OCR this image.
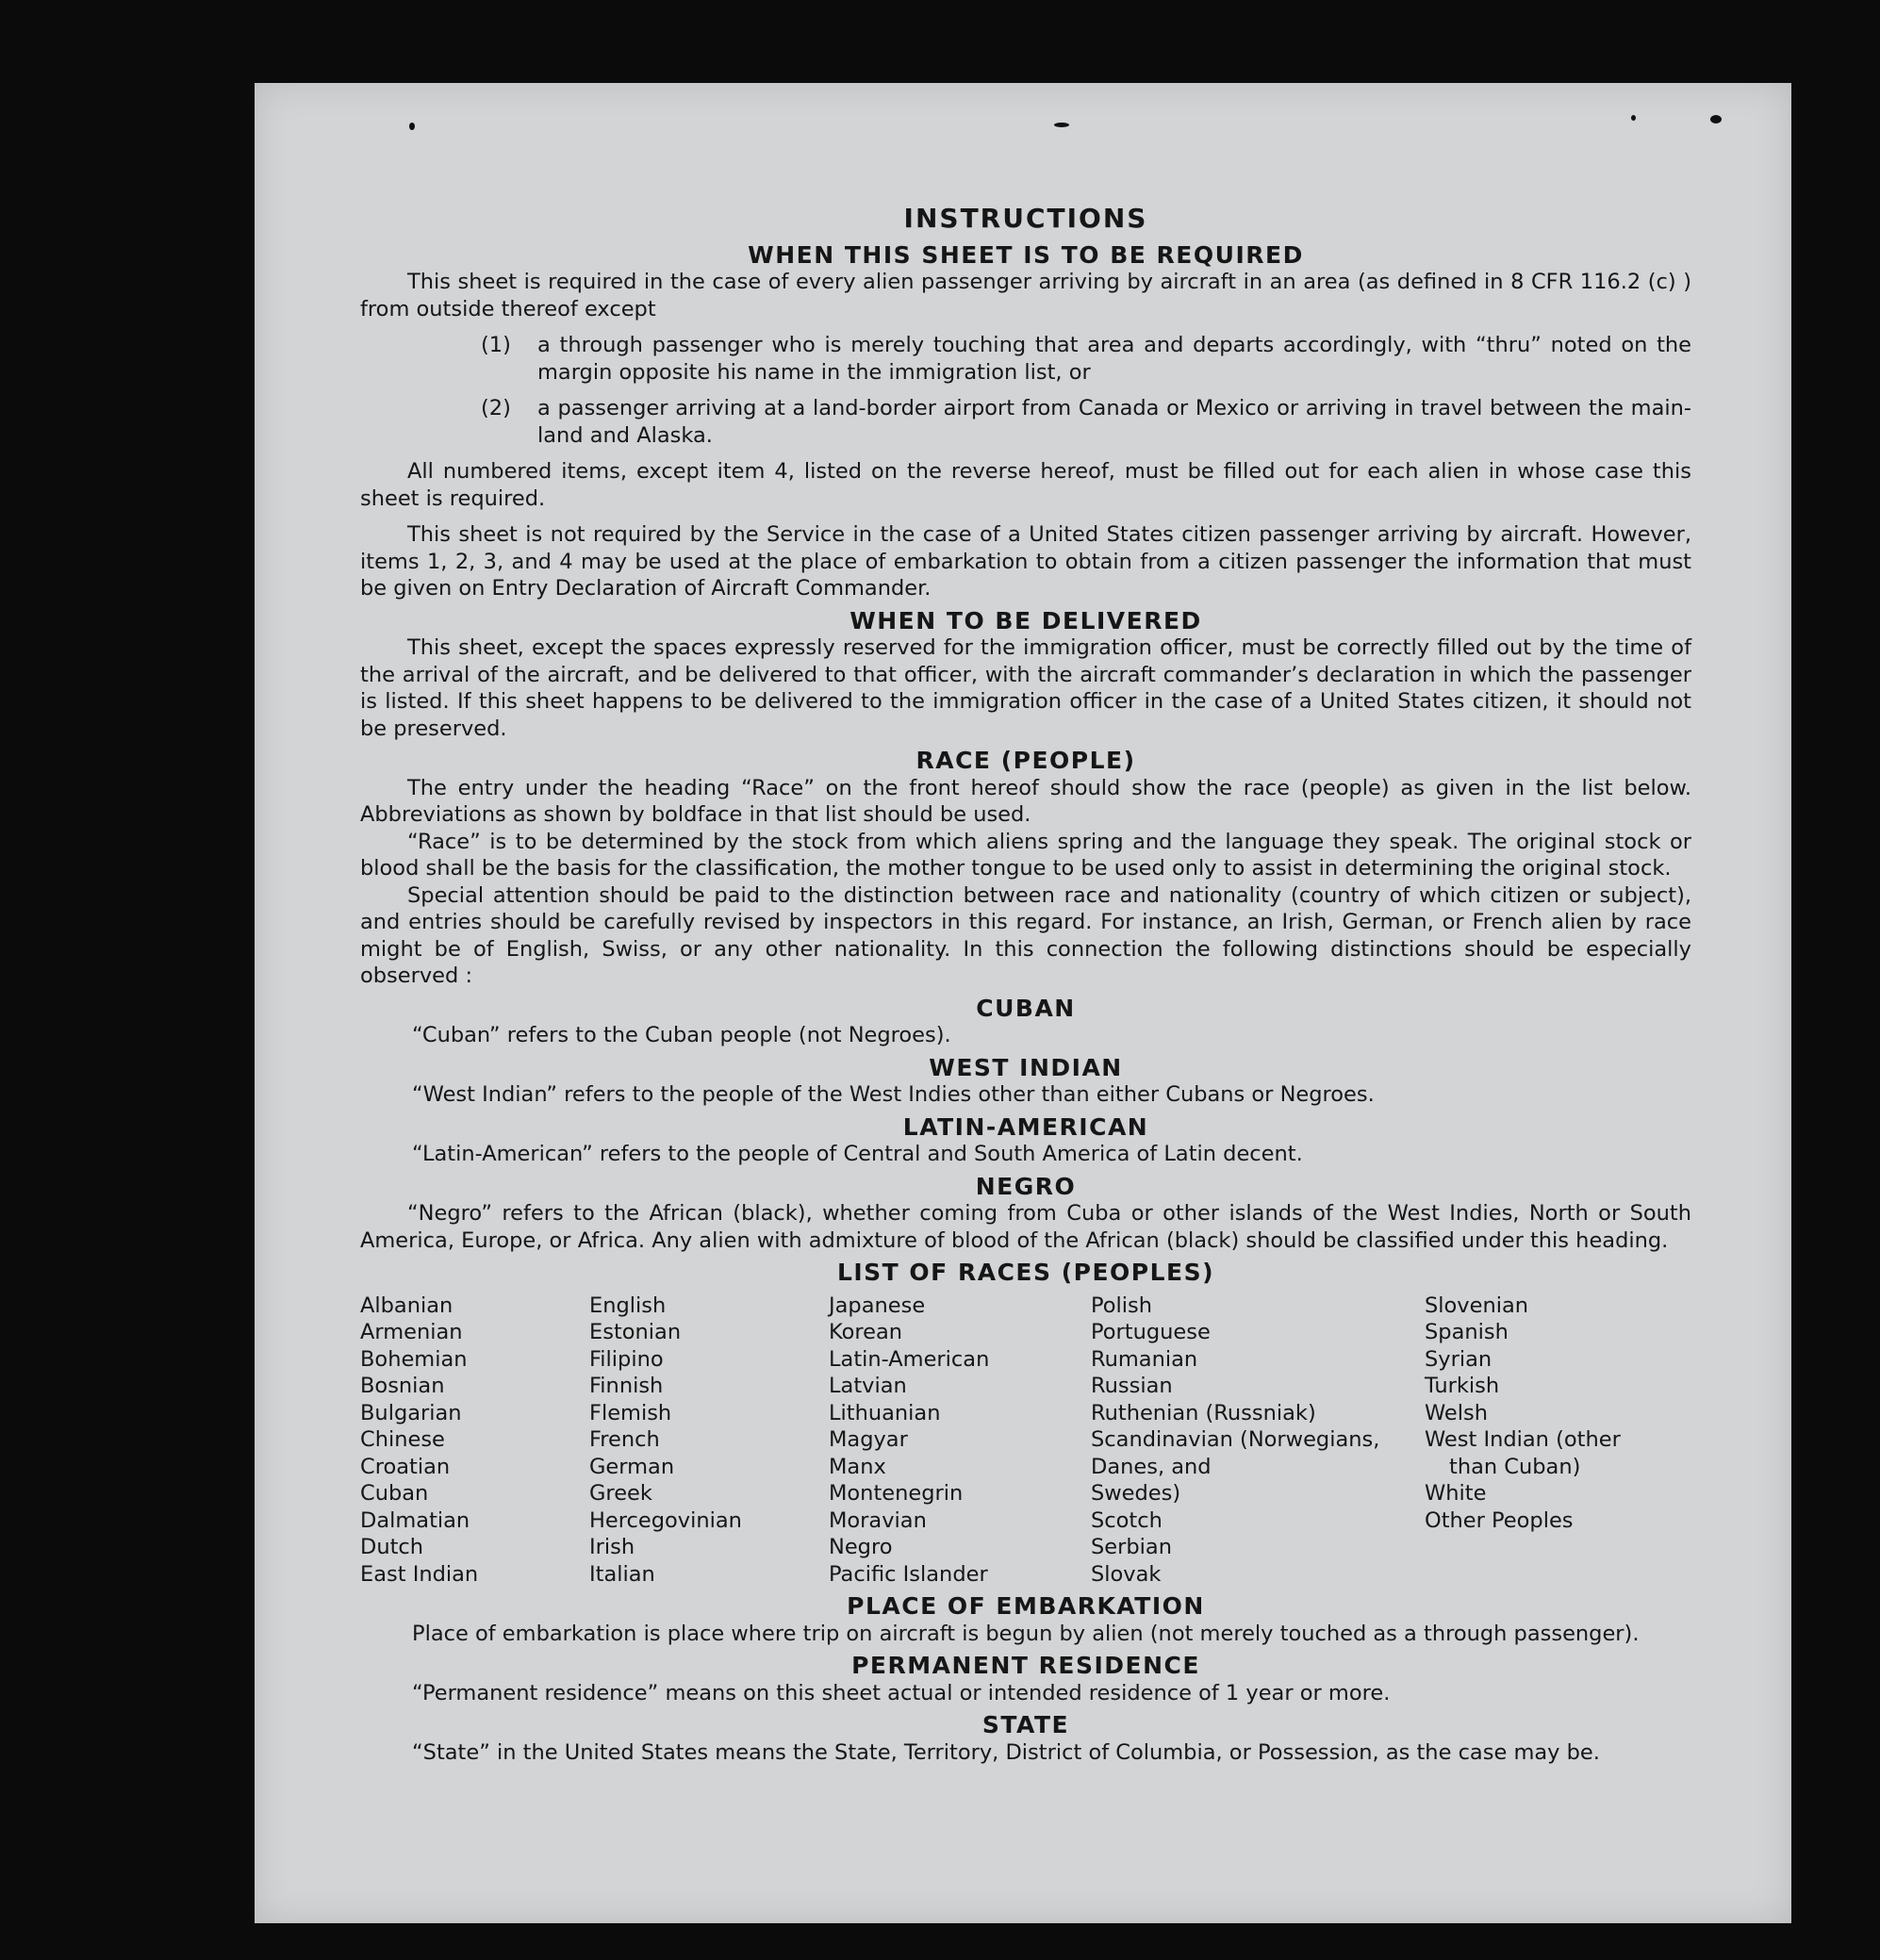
INSTRUCTIONS
WHEN THIS SHEET IS TO BE REQUIRED

This sheet is required in the case of every alien passenger arriving by aircraft in an area (as defined in 8 CFR 116.2 (c) ) from outside thereof except

(1)	a through passenger who is merely touching that area and departs accordingly, with “thru” noted on the margin opposite his name in the immigration list, or
(2)	a passenger arriving at a land-border airport from Canada or Mexico or arriving in travel between the main-land and Alaska.

All numbered items, except item 4, listed on the reverse hereof, must be filled out for each alien in whose case this sheet is required.

This sheet is not required by the Service in the case of a United States citizen passenger arriving by aircraft. However, items 1, 2, 3, and 4 may be used at the place of embarkation to obtain from a citizen passenger the information that must be given on Entry Declaration of Aircraft Commander.

WHEN TO BE DELIVERED

This sheet, except the spaces expressly reserved for the immigration officer, must be correctly filled out by the time of the arrival of the aircraft, and be delivered to that officer, with the aircraft commander’s declaration in which the passenger is listed. If this sheet happens to be delivered to the immigration officer in the case of a United States citizen, it should not be preserved.

RACE (PEOPLE)

The entry under the heading “Race” on the front hereof should show the race (people) as given in the list below. Abbreviations as shown by boldface in that list should be used.

“Race” is to be determined by the stock from which aliens spring and the language they speak. The original stock or blood shall be the basis for the classification, the mother tongue to be used only to assist in determining the original stock.

Special attention should be paid to the distinction between race and nationality (country of which citizen or subject), and entries should be carefully revised by inspectors in this regard. For instance, an Irish, German, or French alien by race might be of English, Swiss, or any other nationality. In this connection the following distinctions should be especially observed :

CUBAN

“Cuban” refers to the Cuban people (not Negroes).

WEST INDIAN

“West Indian” refers to the people of the West Indies other than either Cubans or Negroes.

LATIN-AMERICAN

“Latin-American” refers to the people of Central and South America of Latin decent.

NEGRO

“Negro” refers to the African (black), whether coming from Cuba or other islands of the West Indies, North or South America, Europe, or Africa. Any alien with admixture of blood of the African (black) should be classified under this heading.

LIST OF RACES (PEOPLES)
Albanian
Armenian
Bohemian
Bosnian
Bulgarian
Chinese
Croatian
Cuban
Dalmatian
Dutch
East Indian
English
Estonian
Filipino
Finnish
Flemish
French
German
Greek
Hercegovinian
Irish
Italian
Japanese
Korean
Latin-American
Latvian
Lithuanian
Magyar
Manx
Montenegrin
Moravian
Negro
Pacific Islander
Polish
Portuguese
Rumanian
Russian
Ruthenian (Russniak)
Scandinavian (Norwegians,
Danes, and
Swedes)
Scotch
Serbian
Slovak
Slovenian
Spanish
Syrian
Turkish
Welsh
West Indian (other
than Cuban)
White
Other Peoples
PLACE OF EMBARKATION

Place of embarkation is place where trip on aircraft is begun by alien (not merely touched as a through passenger).

PERMANENT RESIDENCE

“Permanent residence” means on this sheet actual or intended residence of 1 year or more.

STATE

“State” in the United States means the State, Territory, District of Columbia, or Possession, as the case may be.
